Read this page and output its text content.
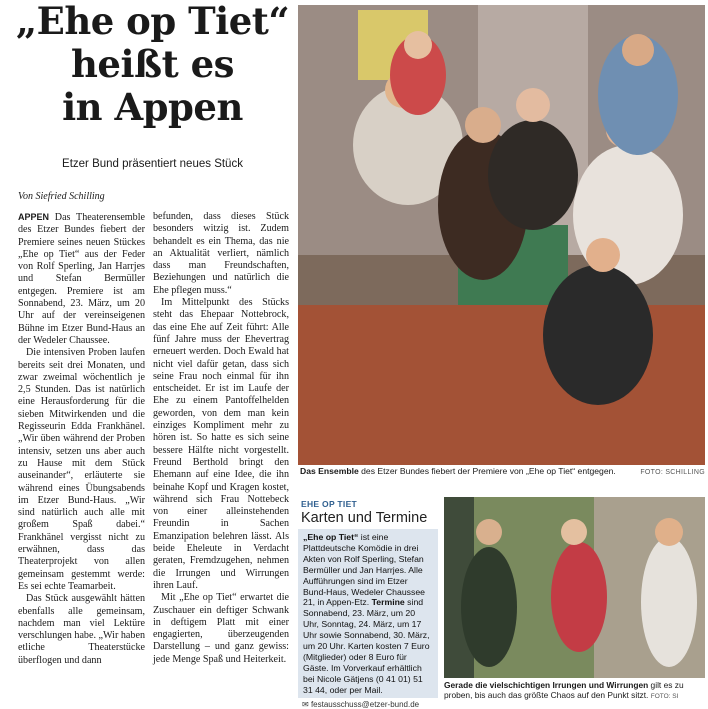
„Ehe op Tiet“
heißt es
in Appen
Etzer Bund präsentiert neues Stück
Von Siefried Schilling

APPEN Das Theaterensemble des Etzer Bundes fiebert der Premiere seines neuen Stückes „Ehe op Tiet“ aus der Feder von Rolf Sperling, Jan Harrjes und Stefan Bermüller entgegen. Premiere ist am Sonnabend, 23. März, um 20 Uhr auf der vereinseigenen Bühne im Etzer Bund-Haus an der Wedeler Chaussee.

Die intensiven Proben laufen bereits seit drei Monaten, und zwar zweimal wöchentlich je 2,5 Stunden. Das ist natürlich eine Herausforderung für die sieben Mitwirkenden und die Regisseurin Edda Frankhänel. „Wir üben während der Proben intensiv, setzen uns aber auch zu Hause mit dem Stück auseinander“, erläuterte sie während eines Übungsabends im Etzer Bund-Haus. „Wir sind natürlich auch alle mit großem Spaß dabei.“ Frankhänel vergisst nicht zu erwähnen, dass das Theaterprojekt von allen gemeinsam gestemmt werde: Es sei echte Teamarbeit.

Das Stück ausgewählt hätten ebenfalls alle gemeinsam, nachdem man viel Lektüre verschlungen habe. „Wir haben etliche Theaterstücke überflogen und dann

befunden, dass dieses Stück besonders witzig ist. Zudem behandelt es ein Thema, das nie an Aktualität verliert, nämlich dass man Freundschaften, Beziehungen und natürlich die Ehe pflegen muss.“

Im Mittelpunkt des Stücks steht das Ehepaar Nottebrock, das eine Ehe auf Zeit führt: Alle fünf Jahre muss der Ehevertrag erneuert werden. Doch Ewald hat nicht viel dafür getan, dass sich seine Frau noch einmal für ihn entscheidet. Er ist im Laufe der Ehe zu einem Pantoffelhelden geworden, von dem man kein einziges Kompliment mehr zu hören ist. So hatte es sich seine bessere Hälfte nicht vorgestellt. Freund Berthold bringt den Ehemann auf eine Idee, die ihn beinahe Kopf und Kragen kostet, während sich Frau Nottebeck von einer alleinstehenden Freundin in Sachen Emanzipation belehren lässt. Als beide Eheleute in Verdacht geraten, Fremdzugehen, nehmen die Irrungen und Wirrungen ihren Lauf.

Mit „Ehe op Tiet“ erwartet die Zuschauer ein deftiger Schwank in deftigem Platt mit einer engagierten, überzeugenden Darstellung – und ganz gewiss: jede Menge Spaß und Heiterkeit.

Das Ensemble des Etzer Bundes fiebert der Premiere von „Ehe op Tiet“ entgegen.	FOTO: SCHILLING
EHE OP TIET
Karten und Termine
„Ehe op Tiet“ ist eine Plattdeutsche Komödie in drei Akten von Rolf Sperling, Stefan Bermüller und Jan Harrjes. Alle Aufführungen sind im Etzer Bund-Haus, Wedeler Chaussee 21, in Appen-Etz. Termine sind Sonnabend, 23. März, um 20 Uhr, Sonntag, 24. März, um 17 Uhr sowie Sonnabend, 30. März, um 20 Uhr. Karten kosten 7 Euro (Mitglieder) oder 8 Euro für Gäste. Im Vorverkauf erhältlich bei Nicole Gätjens (0 41 01) 51 31 44, oder per Mail.
✉ festausschuss@etzer-bund.de
Gerade die vielschichtigen Irrungen und Wirrungen gilt es zu proben, bis auch das größte Chaos auf den Punkt sitzt. FOTO: SI
